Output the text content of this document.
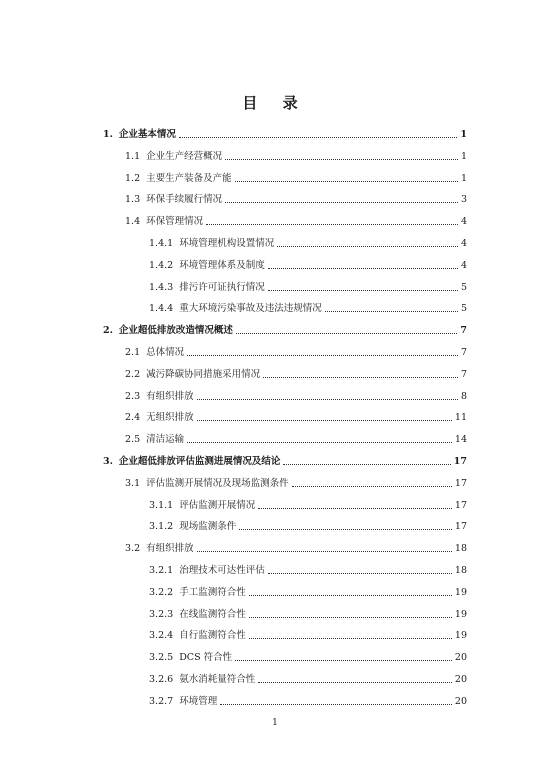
目 录
1. 企业基本情况	1
1.1 企业生产经营概况	1
1.2 主要生产装备及产能	1
1.3 环保手续履行情况	3
1.4 环保管理情况	4
1.4.1 环境管理机构设置情况	4
1.4.2 环境管理体系及制度	4
1.4.3 排污许可证执行情况	5
1.4.4 重大环境污染事故及违法违规情况	5
2. 企业超低排放改造情况概述	7
2.1 总体情况	7
2.2 减污降碳协同措施采用情况	7
2.3 有组织排放	8
2.4 无组织排放	11
2.5 清洁运输	14
3. 企业超低排放评估监测进展情况及结论	17
3.1 评估监测开展情况及现场监测条件	17
3.1.1 评估监测开展情况	17
3.1.2 现场监测条件	17
3.2 有组织排放	18
3.2.1 治理技术可达性评估	18
3.2.2 手工监测符合性	19
3.2.3 在线监测符合性	19
3.2.4 自行监测符合性	19
3.2.5 DCS 符合性	20
3.2.6 氨水消耗量符合性	20
3.2.7 环境管理	20
1
